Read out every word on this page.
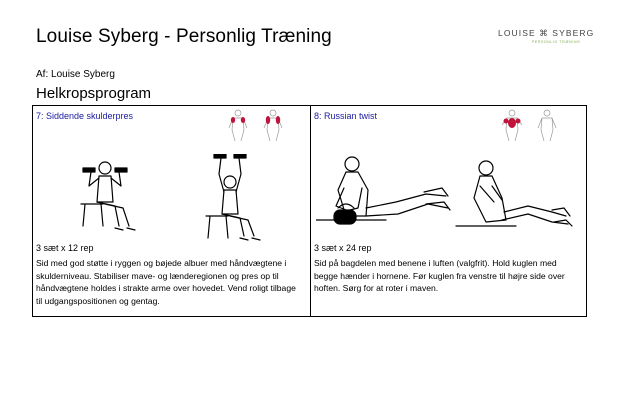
Louise Syberg - Personlig Træning	LOUISE ⌘ SYBERG
PERSONLIG TRÆNING
Af: Louise Syberg
Helkropsprogram
7: Siddende skulderpres
3 sæt x 12 rep
Sid med god støtte i ryggen og bøjede albuer med håndvægtene i skulderniveau. Stabiliser mave- og lænderegionen og pres op til håndvægtene holdes i strakte arme over hovedet. Vend roligt tilbage til udgangspositionen og gentag.
8: Russian twist
3 sæt x 24 rep
Sid på bagdelen med benene i luften (valgfrit). Hold kuglen med begge hænder i hornene. Før kuglen fra venstre til højre side over hoften. Sørg for at roter i maven.
